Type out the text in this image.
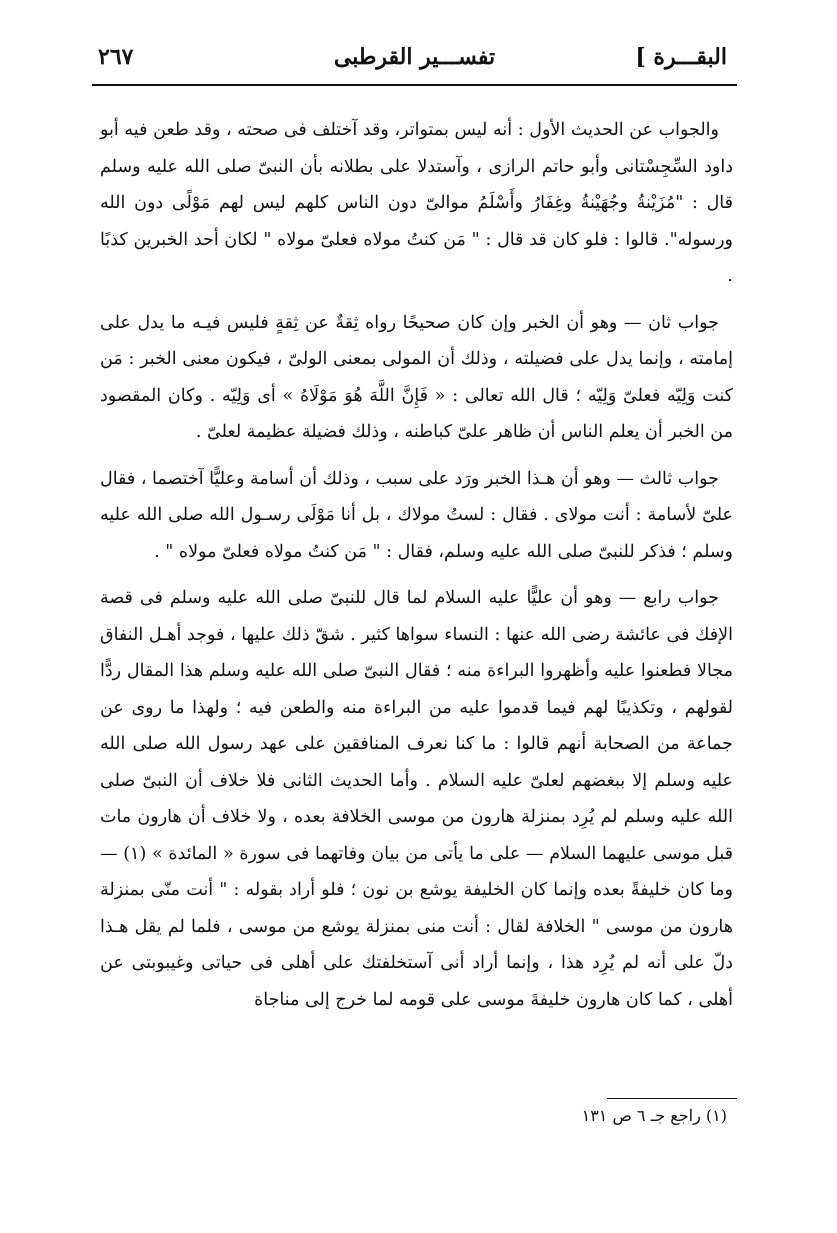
البقـــرة ]
تفســـير القرطبى
٢٦٧

والجواب عن الحديث الأول : أنه ليس بمتواتر، وقد آختلف فى صحته ، وقد طعن فيه أبو داود السِّجِسْتانى وأبو حاتم الرازى ، وآستدلا على بطلانه بأن النبىّ صلى الله عليه وسلم قال : "مُزَيْنةُ وجُهَيْنةُ وغِفَارُ وأَسْلَمُ موالىّ دون الناس كلهم ليس لهم مَوْلًى دون الله ورسوله". قالوا : فلو كان قد قال : " مَن كنتُ مولاه فعلىّ مولاه " لكان أحد الخبرين كذبًا .

جواب ثان — وهو أن الخبر وإن كان صحيحًا رواه ثِقةٌ عن ثِقةٍ فليس فيـه ما يدل على إمامته ، وإنما يدل على فضيلته ، وذلك أن المولى بمعنى الولىّ ، فيكون معنى الخبر : مَن كنت وَلِيّه فعلىّ وَلِيّه ؛ قال الله تعالى : « فَإِنَّ اللَّهَ هُوَ مَوْلَاهُ » أى وَلِيّه . وكان المقصود من الخبر أن يعلم الناس أن ظاهر علىّ كباطنه ، وذلك فضيلة عظيمة لعلىّ .

جواب ثالث — وهو أن هـذا الخبر ورَد على سبب ، وذلك أن أسامة وعليًّا آختصما ، فقال علىّ لأسامة : أنت مولاى . فقال : لستُ مولاك ، بل أنا مَوْلَى رسـول الله صلى الله عليه وسلم ؛ فذكر للنبىّ صلى الله عليه وسلم، فقال : " مَن كنتُ مولاه فعلىّ مولاه " .

جواب رابع — وهو أن عليًّا عليه السلام لما قال للنبىّ صلى الله عليه وسلم فى قصة الإفك فى عائشة رضى الله عنها : النساء سواها كثير . شقّ ذلك عليها ، فوجد أهـل النفاق مجالا فطعنوا عليه وأظهروا البراءة منه ؛ فقال النبىّ صلى الله عليه وسلم هذا المقال ردًّا لقولهم ، وتكذيبًا لهم فيما قدموا عليه من البراءة منه والطعن فيه ؛ ولهذا ما روى عن جماعة من الصحابة أنهم قالوا : ما كنا نعرف المنافقين على عهد رسول الله صلى الله عليه وسلم إلا ببغضهم لعلىّ عليه السلام . وأما الحديث الثانى فلا خلاف أن النبىّ صلى الله عليه وسلم لم يُرِد بمنزلة هارون من موسى الخلافة بعده ، ولا خلاف أن هارون مات قبل موسى عليهما السلام — على ما يأتى من بيان وفاتهما فى سورة « المائدة » (١) — وما كان خليفةً بعده وإنما كان الخليفة يوشع بن نون ؛ فلو أراد بقوله : " أنت منّى بمنزلة هارون من موسى " الخلافة لقال : أنت منى بمنزلة يوشع من موسى ، فلما لم يقل هـذا دلّ على أنه لم يُرِد هذا ، وإنما أراد أنى آستخلفتك على أهلى فى حياتى وغيبوبتى عن أهلى ، كما كان هارون خليفةَ موسى على قومه لما خرج إلى مناجاة

(١) راجع جـ ٦ ص ١٣١
